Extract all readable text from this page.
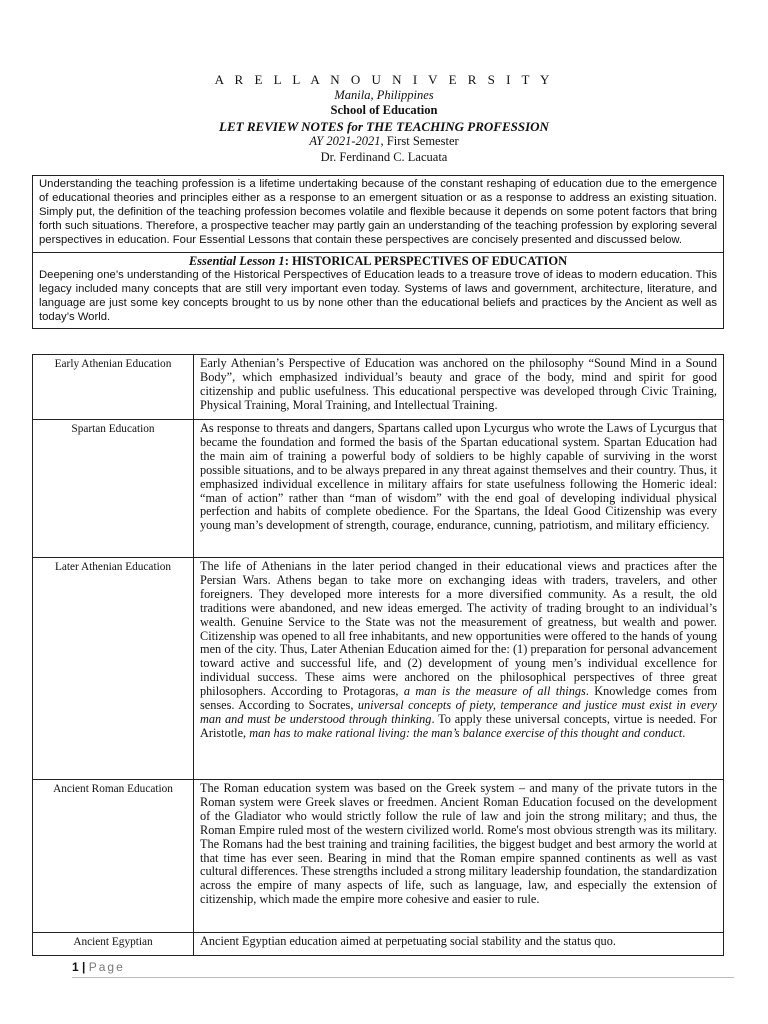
A R E L L A N O U N I V E R S I T Y
Manila, Philippines
School of Education
LET REVIEW NOTES for THE TEACHING PROFESSION
AY 2021-2021, First Semester
Dr. Ferdinand C. Lacuata
Understanding the teaching profession is a lifetime undertaking because of the constant reshaping of education due to the emergence of educational theories and principles either as a response to an emergent situation or as a response to address an existing situation. Simply put, the definition of the teaching profession becomes volatile and flexible because it depends on some potent factors that bring forth such situations. Therefore, a prospective teacher may partly gain an understanding of the teaching profession by exploring several perspectives in education. Four Essential Lessons that contain these perspectives are concisely presented and discussed below.
Essential Lesson 1: HISTORICAL PERSPECTIVES OF EDUCATION
Deepening one’s understanding of the Historical Perspectives of Education leads to a treasure trove of ideas to modern education. This legacy included many concepts that are still very important even today. Systems of laws and government, architecture, literature, and language are just some key concepts brought to us by none other than the educational beliefs and practices by the Ancient as well as today’s World.
Early Athenian Education	Early Athenian’s Perspective of Education was anchored on the philosophy “Sound Mind in a Sound Body”, which emphasized individual’s beauty and grace of the body, mind and spirit for good citizenship and public usefulness. This educational perspective was developed through Civic Training, Physical Training, Moral Training, and Intellectual Training.
Spartan Education	As response to threats and dangers, Spartans called upon Lycurgus who wrote the Laws of Lycurgus that became the foundation and formed the basis of the Spartan educational system. Spartan Education had the main aim of training a powerful body of soldiers to be highly capable of surviving in the worst possible situations, and to be always prepared in any threat against themselves and their country. Thus, it emphasized individual excellence in military affairs for state usefulness following the Homeric ideal: “man of action” rather than “man of wisdom” with the end goal of developing individual physical perfection and habits of complete obedience. For the Spartans, the Ideal Good Citizenship was every young man’s development of strength, courage, endurance, cunning, patriotism, and military efficiency.
Later Athenian Education	The life of Athenians in the later period changed in their educational views and practices after the Persian Wars. Athens began to take more on exchanging ideas with traders, travelers, and other foreigners. They developed more interests for a more diversified community. As a result, the old traditions were abandoned, and new ideas emerged. The activity of trading brought to an individual’s wealth. Genuine Service to the State was not the measurement of greatness, but wealth and power. Citizenship was opened to all free inhabitants, and new opportunities were offered to the hands of young men of the city. Thus, Later Athenian Education aimed for the: (1) preparation for personal advancement toward active and successful life, and (2) development of young men’s individual excellence for individual success. These aims were anchored on the philosophical perspectives of three great philosophers. According to Protagoras, a man is the measure of all things. Knowledge comes from senses. According to Socrates, universal concepts of piety, temperance and justice must exist in every man and must be understood through thinking. To apply these universal concepts, virtue is needed. For Aristotle, man has to make rational living: the man’s balance exercise of this thought and conduct.
Ancient Roman Education	The Roman education system was based on the Greek system – and many of the private tutors in the Roman system were Greek slaves or freedmen. Ancient Roman Education focused on the development of the Gladiator who would strictly follow the rule of law and join the strong military; and thus, the Roman Empire ruled most of the western civilized world. Rome's most obvious strength was its military. The Romans had the best training and training facilities, the biggest budget and best armory the world at that time has ever seen. Bearing in mind that the Roman empire spanned continents as well as vast cultural differences. These strengths included a strong military leadership foundation, the standardization across the empire of many aspects of life, such as language, law, and especially the extension of citizenship, which made the empire more cohesive and easier to rule.
Ancient Egyptian	Ancient Egyptian education aimed at perpetuating social stability and the status quo.
1 | Page
